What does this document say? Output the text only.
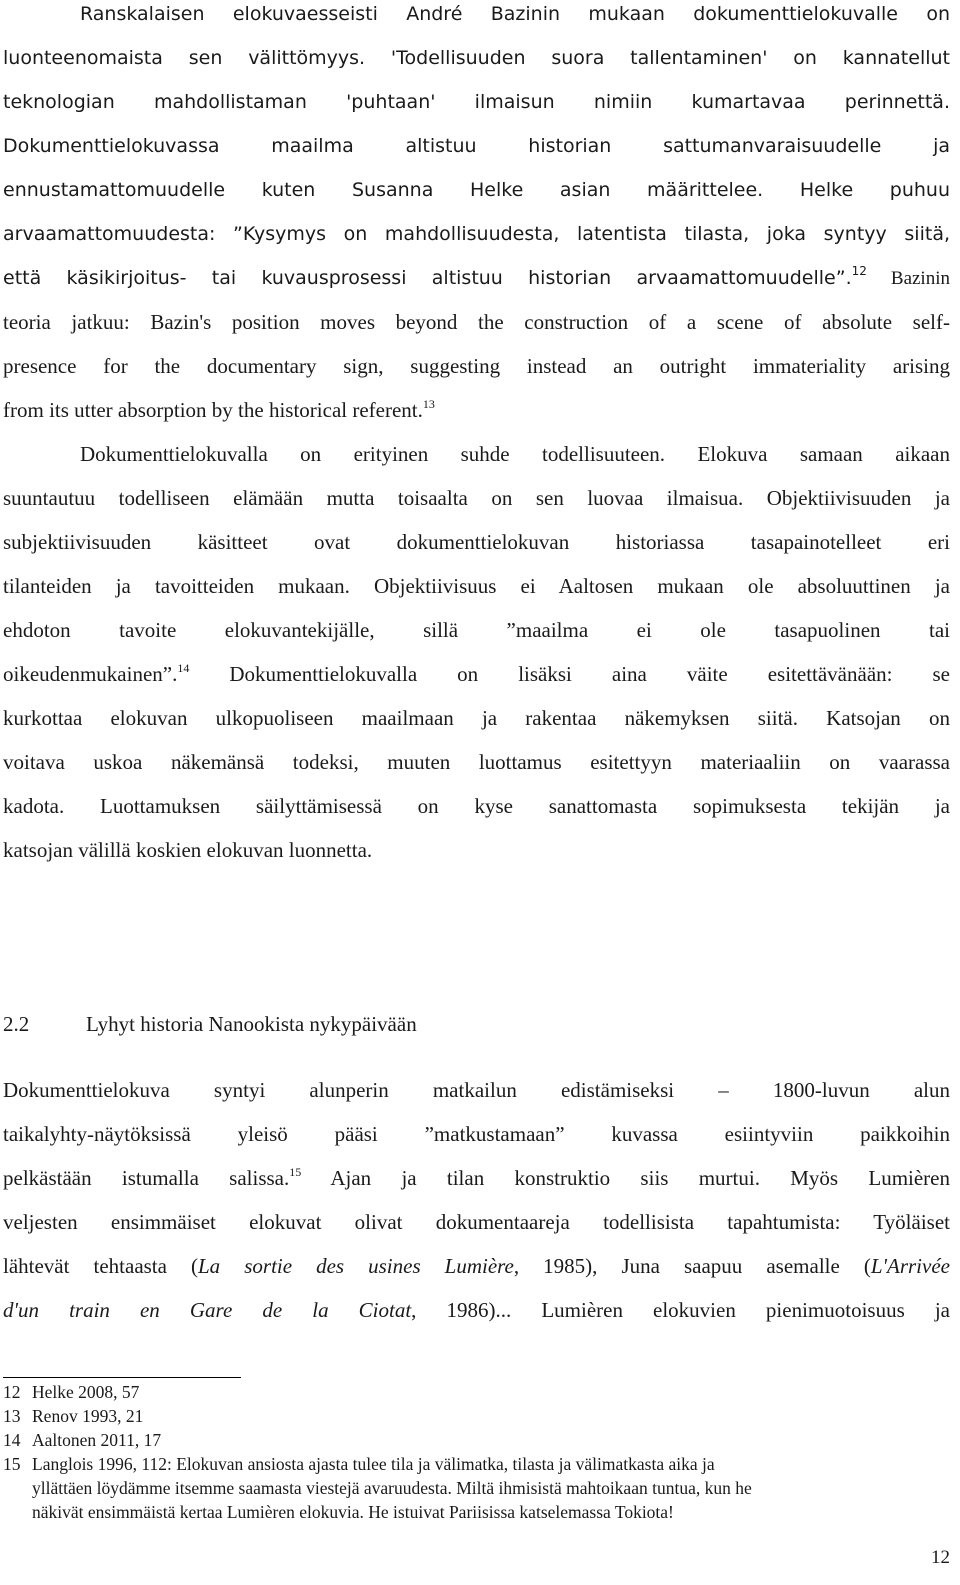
Ranskalaisen elokuvaesseisti André Bazinin mukaan dokumenttielokuvalle on
luonteenomaista sen välittömyys. 'Todellisuuden suora tallentaminen' on kannatellut
teknologian mahdollistaman 'puhtaan' ilmaisun nimiin kumartavaa perinnettä.
Dokumenttielokuvassa maailma altistuu historian sattumanvaraisuudelle ja
ennustamattomuudelle kuten Susanna Helke asian määrittelee. Helke puhuu
arvaamattomuudesta: ”Kysymys on mahdollisuudesta, latentista tilasta, joka syntyy siitä,
että käsikirjoitus- tai kuvausprosessi altistuu historian arvaamattomuudelle”.$^{12}$ Bazinin
teoria jatkuu: Bazin's position moves beyond the construction of a scene of absolute self-
presence for the documentary sign, suggesting instead an outright immateriality arising
from its utter absorption by the historical referent.$^{13}$
Dokumenttielokuvalla on erityinen suhde todellisuuteen. Elokuva samaan aikaan
suuntautuu todelliseen elämään mutta toisaalta on sen luovaa ilmaisua. Objektiivisuuden ja
subjektiivisuuden käsitteet ovat dokumenttielokuvan historiassa tasapainotelleet eri
tilanteiden ja tavoitteiden mukaan. Objektiivisuus ei Aaltosen mukaan ole absoluuttinen ja
ehdoton tavoite elokuvantekijälle, sillä ”maailma ei ole tasapuolinen tai
oikeudenmukainen”.$^{14}$ Dokumenttielokuvalla on lisäksi aina väite esitettävänään: se
kurkottaa elokuvan ulkopuoliseen maailmaan ja rakentaa näkemyksen siitä. Katsojan on
voitava uskoa näkemänsä todeksi, muuten luottamus esitettyyn materiaaliin on vaarassa
kadota. Luottamuksen säilyttämisessä on kyse sanattomasta sopimuksesta tekijän ja
katsojan välillä koskien elokuvan luonnetta.
2.2	Lyhyt historia Nanookista nykypäivään
Dokumenttielokuva syntyi alunperin matkailun edistämiseksi – 1800-luvun alun
taikalyhty-näytöksissä yleisö pääsi ”matkustamaan” kuvassa esiintyviin paikkoihin
pelkästään istumalla salissa.$^{15}$ Ajan ja tilan konstruktio siis murtui. Myös Lumièren
veljesten ensimmäiset elokuvat olivat dokumentaareja todellisista tapahtumista: Työläiset
lähtevät tehtaasta (La sortie des usines Lumière, 1985), Juna saapuu asemalle (L'Arrivée
d'un train en Gare de la Ciotat, 1986)... Lumièren elokuvien pienimuotoisuus ja
12 Helke 2008, 57
13 Renov 1993, 21
14 Aaltonen 2011, 17
15 Langlois 1996, 112: Elokuvan ansiosta ajasta tulee tila ja välimatka, tilasta ja välimatkasta aika ja
yllättäen löydämme itsemme saamasta viestejä avaruudesta. Miltä ihmisistä mahtoikaan tuntua, kun he
näkivät ensimmäistä kertaa Lumièren elokuvia. He istuivat Pariisissa katselemassa Tokiota!
12
